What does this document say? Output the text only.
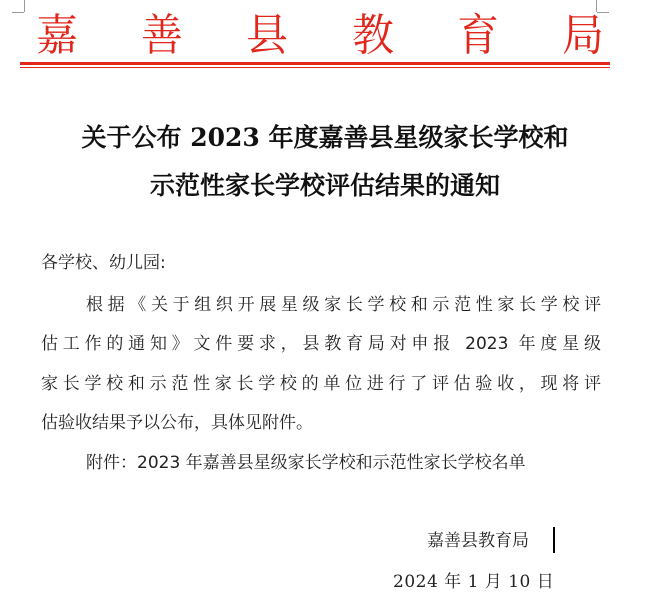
嘉 善 县 教 育 局
关于公布 2023 年度嘉善县星级家长学校和
示范性家长学校评估结果的通知
各学校、幼儿园:
根据《关于组织开展星级家长学校和示范性家长学校评
估工作的通知》文件要求，县教育局对申报 2023 年度星级
家长学校和示范性家长学校的单位进行了评估验收，现将评
估验收结果予以公布，具体见附件。
附件：2023 年嘉善县星级家长学校和示范性家长学校名单
嘉善县教育局
2024 年 1 月 10 日
